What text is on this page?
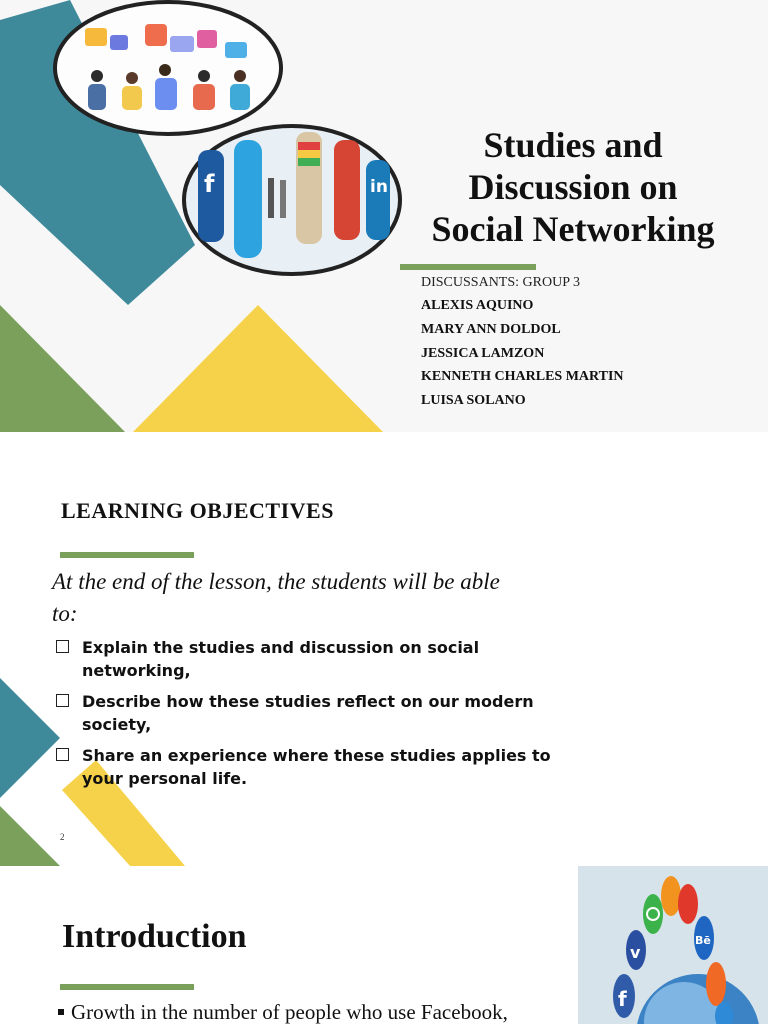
f	in
Studies and
Discussion on
Social Networking
DISCUSSANTS: GROUP 3
ALEXIS AQUINO
MARY ANN DOLDOL
JESSICA LAMZON
KENNETH CHARLES MARTIN
LUISA SOLANO
LEARNING OBJECTIVES
At the end of the lesson, the students will be able
to:
Explain the studies and discussion on social
networking,
Describe how these studies reflect on our modern
society,
Share an experience where these studies applies to
your personal life.
2
Introduction
Growth in the number of people who use Facebook,
f
v
Bē
